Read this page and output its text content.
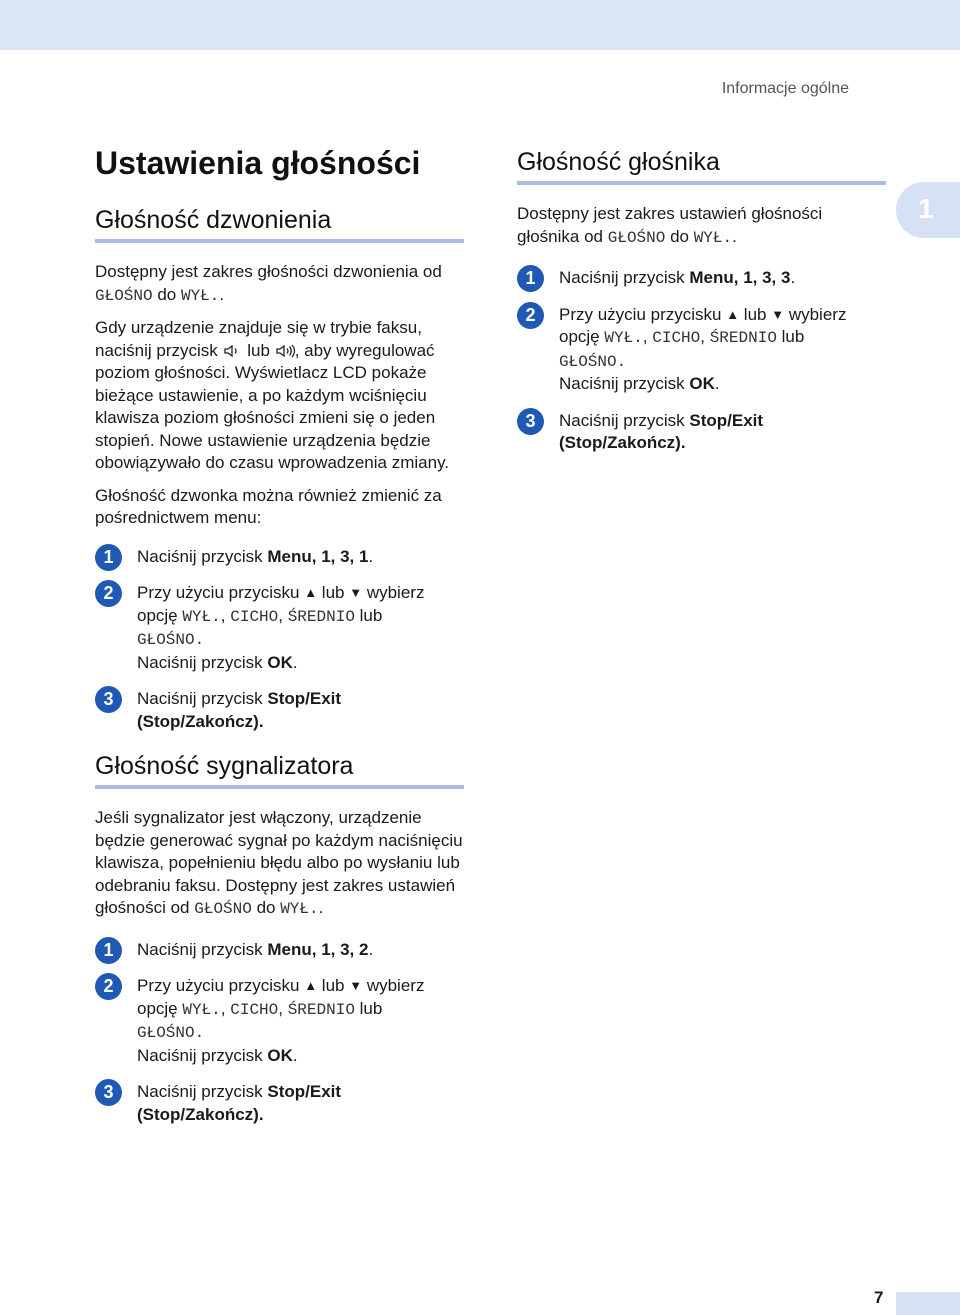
Informacje ogólne
1
Ustawienia głośności
Głośność dzwonienia

Dostępny jest zakres głośności dzwonienia od GŁOŚNO do WYŁ..

Gdy urządzenie znajduje się w trybie faksu, naciśnij przycisk  lub , aby wyregulować poziom głośności. Wyświetlacz LCD pokaże bieżące ustawienie, a po każdym wciśnięciu klawisza poziom głośności zmieni się o jeden stopień. Nowe ustawienie urządzenia będzie obowiązywało do czasu wprowadzenia zmiany.

Głośność dzwonka można również zmienić za pośrednictwem menu:

1	Naciśnij przycisk Menu, 1, 3, 1.
2	Przy użyciu przycisku ▲ lub ▼ wybierz opcję WYŁ., CICHO, ŚREDNIO lub
GŁOŚNO.
Naciśnij przycisk OK.
3	Naciśnij przycisk Stop/Exit (Stop/Zakończ).
Głośność sygnalizatora

Jeśli sygnalizator jest włączony, urządzenie będzie generować sygnał po każdym naciśnięciu klawisza, popełnieniu błędu albo po wysłaniu lub odebraniu faksu. Dostępny jest zakres ustawień głośności od GŁOŚNO do WYŁ..

1	Naciśnij przycisk Menu, 1, 3, 2.
2	Przy użyciu przycisku ▲ lub ▼ wybierz opcję WYŁ., CICHO, ŚREDNIO lub
GŁOŚNO.
Naciśnij przycisk OK.
3	Naciśnij przycisk Stop/Exit (Stop/Zakończ).
Głośność głośnika

Dostępny jest zakres ustawień głośności głośnika od GŁOŚNO do WYŁ..

1	Naciśnij przycisk Menu, 1, 3, 3.
2	Przy użyciu przycisku ▲ lub ▼ wybierz opcję WYŁ., CICHO, ŚREDNIO lub
GŁOŚNO.
Naciśnij przycisk OK.
3	Naciśnij przycisk Stop/Exit (Stop/Zakończ).
7
